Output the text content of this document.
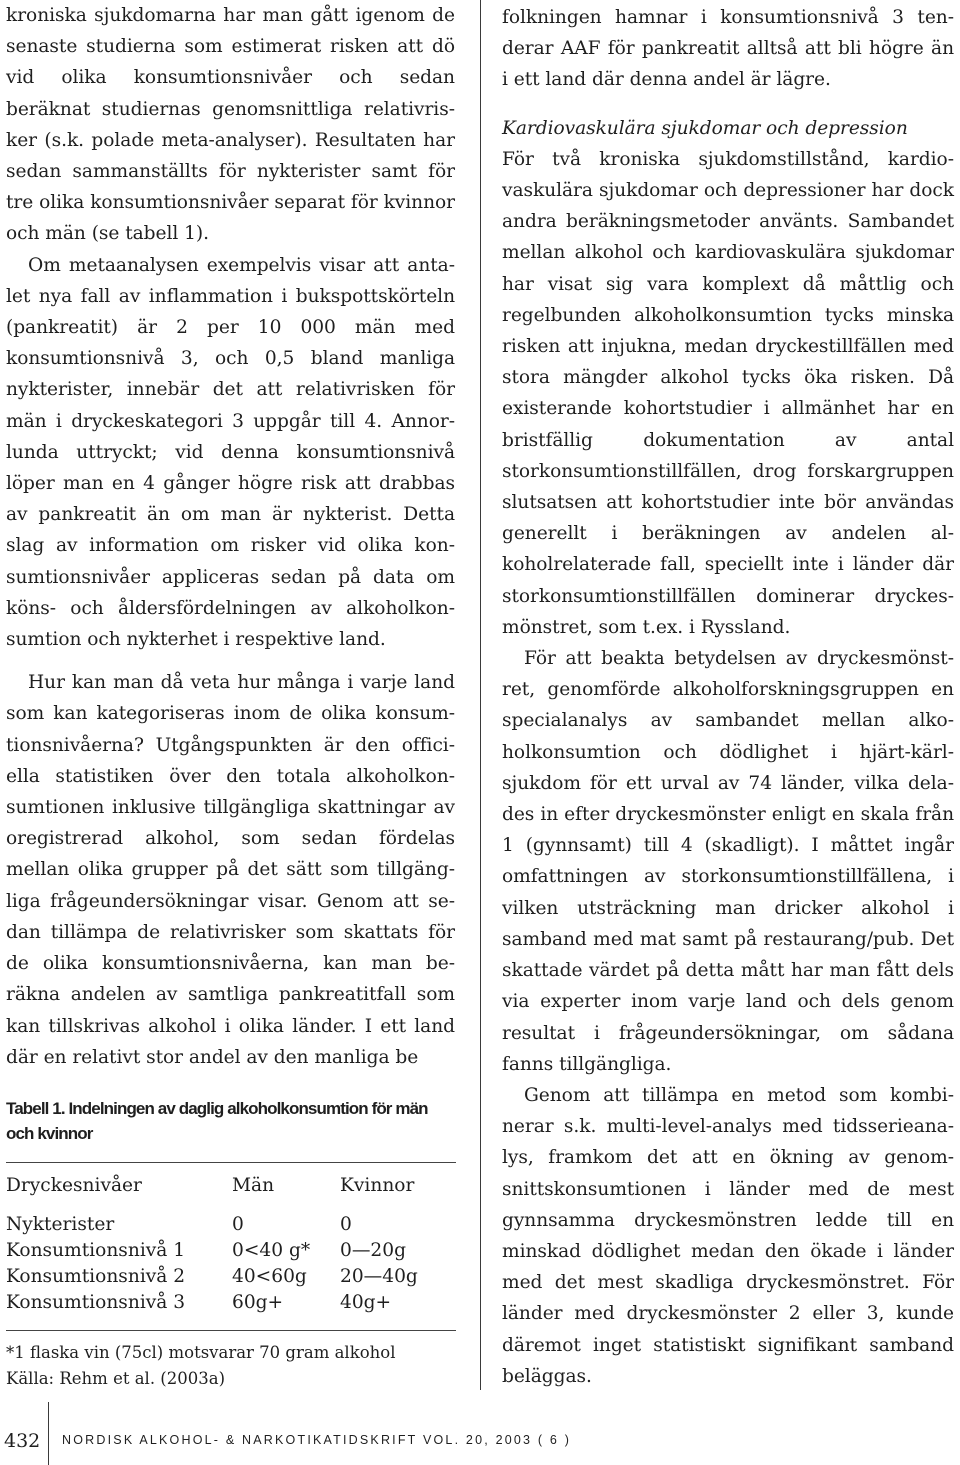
kroniska sjukdomarna har man gått igenom de senaste studierna som estimerat risken att dö vid olika konsumtionsnivåer och sedan beräknat studiernas genomsnittliga relativrisker (s.k. polade meta-analyser). Resultaten har sedan sammanställts för nykterister samt för tre olika konsumtionsnivåer separat för kvinnor och män (se tabell 1).

Om metaanalysen exempelvis visar att antalet nya fall av inflammation i bukspottskörteln (pankreatit) är 2 per 10 000 män med konsumtionsnivå 3, och 0,5 bland manliga nykterister, innebär det att relativrisken för män i dryckeskategori 3 uppgår till 4. Annorlunda uttryckt; vid denna konsumtionsnivå löper man en 4 gånger högre risk att drabbas av pankreatit än om man är nykterist. Detta slag av information om risker vid olika konsumtionsnivåer appliceras sedan på data om köns- och åldersfördelningen av alkoholkonsumtion och nykterhet i respektive land.

Hur kan man då veta hur många i varje land som kan kategoriseras inom de olika konsumtionsnivåerna? Utgångspunkten är den officiella statistiken över den totala alkoholkonsumtionen inklusive tillgängliga skattningar av oregistrerad alkohol, som sedan fördelas mellan olika grupper på det sätt som tillgängliga frågeundersökningar visar. Genom att sedan tillämpa de relativrisker som skattats för de olika konsumtionsnivåerna, kan man beräkna andelen av samtliga pankreatitfall som kan tillskrivas alkohol i olika länder. I ett land där en relativt stor andel av den manliga be

Tabell 1. Indelningen av daglig alkoholkonsumtion för män och kvinnor

Dryckesnivåer	Män	Kvinnor
Nykterister	0	0
Konsumtionsnivå 1	0<40 g*	0—20g
Konsumtionsnivå 2	40<60g	20—40g
Konsumtionsnivå 3	60g+	40g+

*1 flaska vin (75cl) motsvarar 70 gram alkohol

Källa: Rehm et al. (2003a)

folkningen hamnar i konsumtionsnivå 3 tenderar AAF för pankreatit alltså att bli högre än i ett land där denna andel är lägre.

Kardiovaskulära sjukdomar och depression

För två kroniska sjukdomstillstånd, kardiovaskulära sjukdomar och depressioner har dock andra beräkningsmetoder använts. Sambandet mellan alkohol och kardiovaskulära sjukdomar har visat sig vara komplext då måttlig och regelbunden alkoholkonsumtion tycks minska risken att injukna, medan dryckestillfällen med stora mängder alkohol tycks öka risken. Då existerande kohortstudier i allmänhet har en bristfällig dokumentation av antal storkonsumtionstillfällen, drog forskargruppen slutsatsen att kohortstudier inte bör användas generellt i beräkningen av andelen alkoholrelaterade fall, speciellt inte i länder där storkonsumtionstillfällen dominerar dryckesmönstret, som t.ex. i Ryssland.

För att beakta betydelsen av dryckesmönstret, genomförde alkoholforskningsgruppen en specialanalys av sambandet mellan alkoholkonsumtion och dödlighet i hjärt-kärlsjukdom för ett urval av 74 länder, vilka delades in efter dryckesmönster enligt en skala från 1 (gynnsamt) till 4 (skadligt). I måttet ingår omfattningen av storkonsumtionstillfällena, i vilken utsträckning man dricker alkohol i samband med mat samt på restaurang/pub. Det skattade värdet på detta mått har man fått dels via experter inom varje land och dels genom resultat i frågeundersökningar, om sådana fanns tillgängliga.

Genom att tillämpa en metod som kombinerar s.k. multi-level-analys med tidsserieanalys, framkom det att en ökning av genomsnittskonsumtionen i länder med de mest gynnsamma dryckesmönstren ledde till en minskad dödlighet medan den ökade i länder med det mest skadliga dryckesmönstret. För länder med dryckesmönster 2 eller 3, kunde däremot inget statistiskt signifikant samband beläggas.

432 NORDISK ALKOHOL- & NARKOTIKATIDSKRIFT VOL. 20, 2003 ( 6 )
